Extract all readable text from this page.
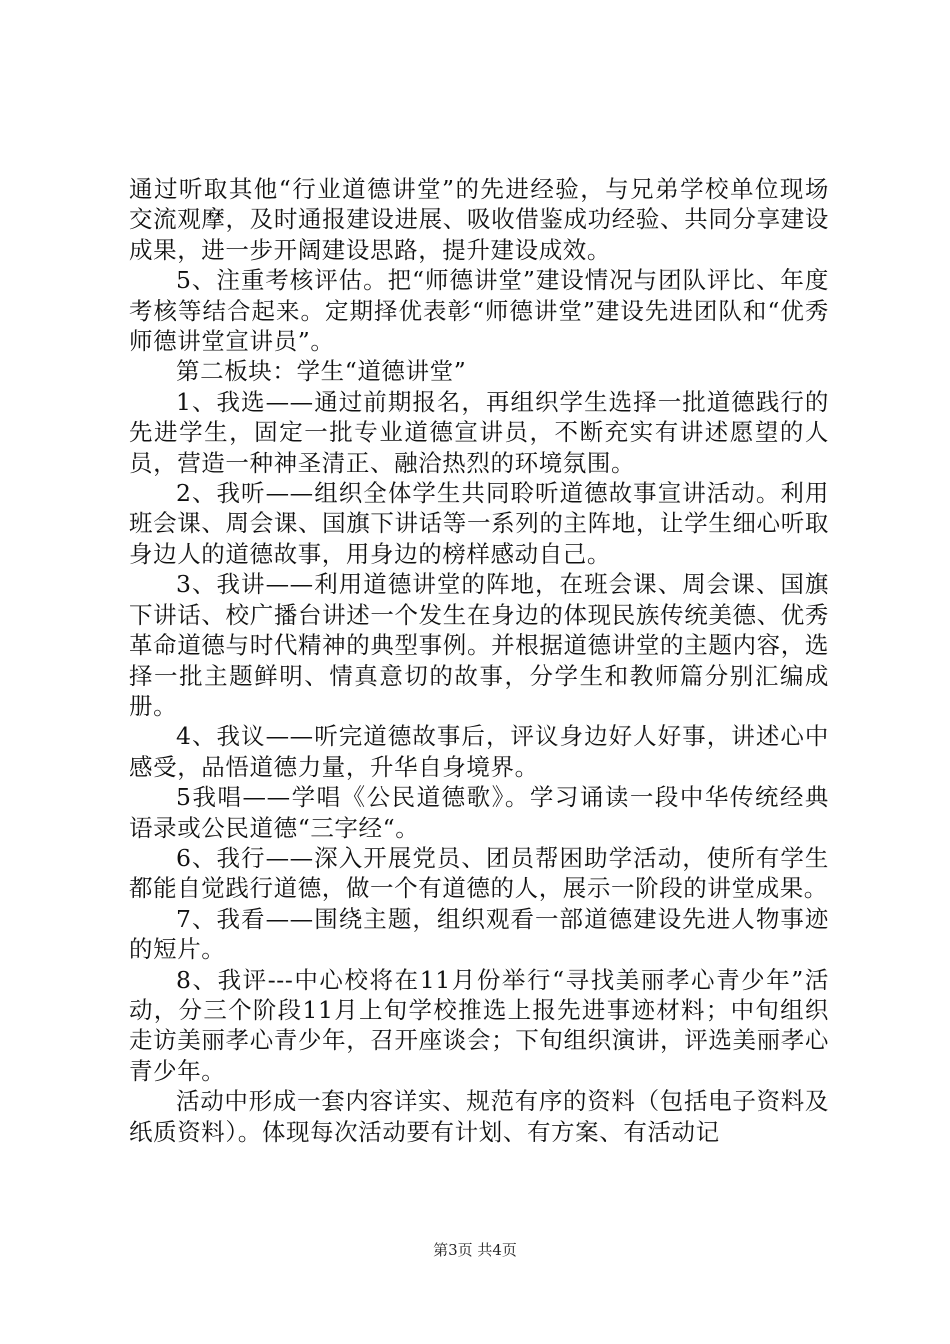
通过听取其他“行业道德讲堂”的先进经验，与兄弟学校单位现场交流观摩，及时通报建设进展、吸收借鉴成功经验、共同分享建设成果，进一步开阔建设思路，提升建设成效。

5、注重考核评估。把“师德讲堂”建设情况与团队评比、年度考核等结合起来。定期择优表彰“师德讲堂”建设先进团队和“优秀师德讲堂宣讲员”。

第二板块：学生“道德讲堂”

1、我选——通过前期报名，再组织学生选择一批道德践行的先进学生，固定一批专业道德宣讲员，不断充实有讲述愿望的人员，营造一种神圣清正、融洽热烈的环境氛围。

2、我听——组织全体学生共同聆听道德故事宣讲活动。利用班会课、周会课、国旗下讲话等一系列的主阵地，让学生细心听取身边人的道德故事，用身边的榜样感动自己。

3、我讲——利用道德讲堂的阵地，在班会课、周会课、国旗下讲话、校广播台讲述一个发生在身边的体现民族传统美德、优秀革命道德与时代精神的典型事例。并根据道德讲堂的主题内容，选择一批主题鲜明、情真意切的故事，分学生和教师篇分别汇编成册。

4、我议——听完道德故事后，评议身边好人好事，讲述心中感受，品悟道德力量，升华自身境界。

5我唱——学唱《公民道德歌》。学习诵读一段中华传统经典语录或公民道德“三字经“。

6、我行——深入开展党员、团员帮困助学活动，使所有学生都能自觉践行道德，做一个有道德的人，展示一阶段的讲堂成果。

7、我看——围绕主题，组织观看一部道德建设先进人物事迹的短片。

8、我评---中心校将在11月份举行“寻找美丽孝心青少年”活动，分三个阶段11月上旬学校推选上报先进事迹材料；中旬组织走访美丽孝心青少年，召开座谈会；下旬组织演讲，评选美丽孝心青少年。

活动中形成一套内容详实、规范有序的资料（包括电子资料及纸质资料）。体现每次活动要有计划、有方案、有活动记

第3页 共4页
